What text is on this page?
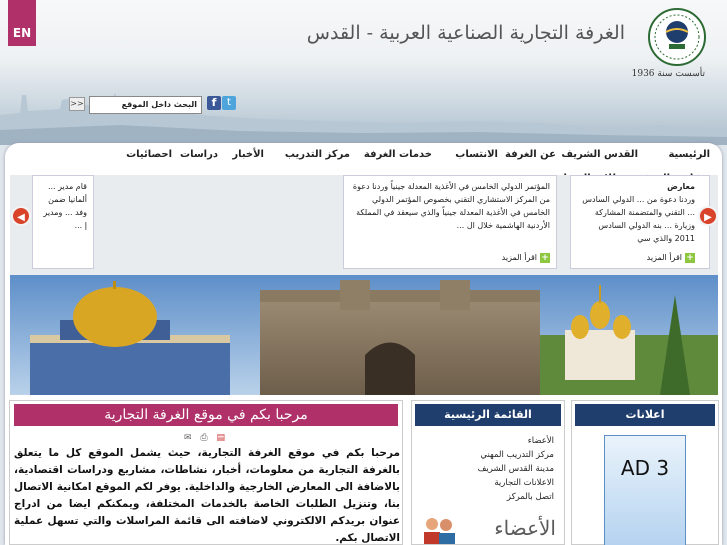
EN
تأسست سنة 1936
الغرفة التجارية الصناعية العربية - القدس
>>	البحث داخل الموقع	f	t
الرئيسية
القدس الشريف
عن الغرفة
الانتساب
خدمات الغرفة
مركز التدريب
الأخبار
دراسات
احصائيات
معارض
وردنا دعوة من ... الدولي السادس ... التقني والمتضمنة المشاركة وزيارة ... بنه الدولي السادس 2011 والذي سي
+اقرأ المزيد
المؤتمر الدولي الخامس في الأغذية المعدلة جينياً وردنا دعوة من المركز الاستشاري التقني بخصوص المؤتمر الدولي الخامس في الأغذية المعدلة جينياً والذي سيعقد في المملكة الأردنية الهاشمية خلال ال ...
+اقرأ المزيد
قام مدير ... ألمانيا ضمن وفد ... ومدير إ ...
◀	▶
مرحبا بكم في موقع الغرفة التجارية
✉ ⎙ ▤
مرحبا بكم في موقع الغرفة التجارية، حيث يشمل الموقع كل ما يتعلق بالغرفة التجارية من معلومات، أخبار، نشاطات، مشاريع ودراسات اقتصادية، بالاضافة الى المعارض الخارجية والداخلية. يوفر لكم الموقع امكانية الاتصال بنا، وتنزيل الطلبات الخاصة بالخدمات المختلفة، ويمكنكم ايضا من ادراج عنوان بريدكم الالكتروني لاضافته الى قائمة المراسلات والتي تسهل عملية الاتصال بكم.
القائمة الرئيسية
الأعضاء
مركز التدريب المهني
مدينة القدس الشريف
الاعلانات التجارية
اتصل بالمركز
الأعضاء
اعلانات
AD 3
